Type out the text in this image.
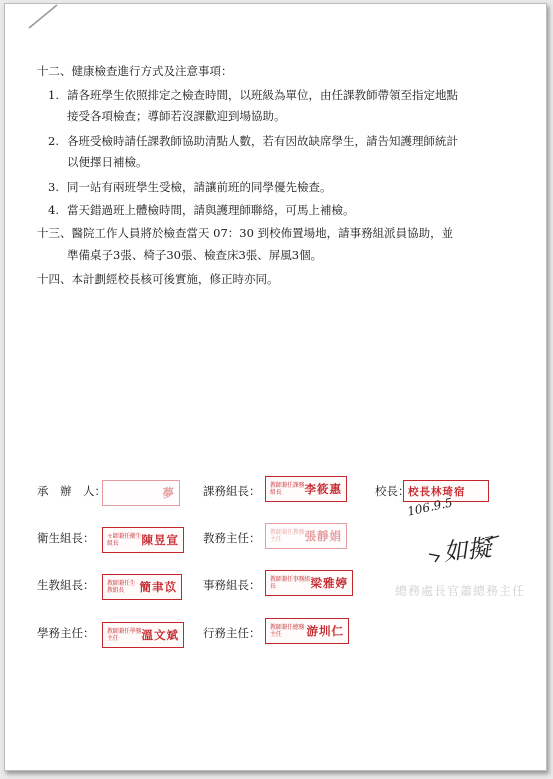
十二、健康檢查進行方式及注意事項：
1. 請各班學生依照排定之檢查時間，以班級為單位，由任課教師帶領至指定地點
接受各項檢查；導師若沒課歡迎到場協助。
2. 各班受檢時請任課教師協助清點人數，若有因故缺席學生，請告知護理師統計
以便擇日補檢。
3. 同一站有兩班學生受檢，請讓前班的同學優先檢查。
4. 當天錯過班上體檢時間，請與護理師聯絡，可馬上補檢。
十三、醫院工作人員將於檢查當天 07：30 到校佈置場地，請事務組派員協助，並
準備桌子3張、椅子30張、檢查床3張、屏風3個。
十四、本計劃經校長核可後實施，修正時亦同。
承　辦　人：	　　夢 課務組長： 教師兼任課務組長	李筱惠	校長：
校長林琦宿
106.9.5
衛生組長： ㄝ師兼任衛生組長	陳昱宣 教務主任： 教師兼任教務主任	張靜娟	如擬
生教組長： 教師兼任生教組長	簡聿苡 事務組長： 教師兼任事務組長	梁雅婷
總務處長官蕭總務主任
學務主任： 教師兼任學務主任	溫文斌 行務主任： 教師兼任總務主任	游圳仁
